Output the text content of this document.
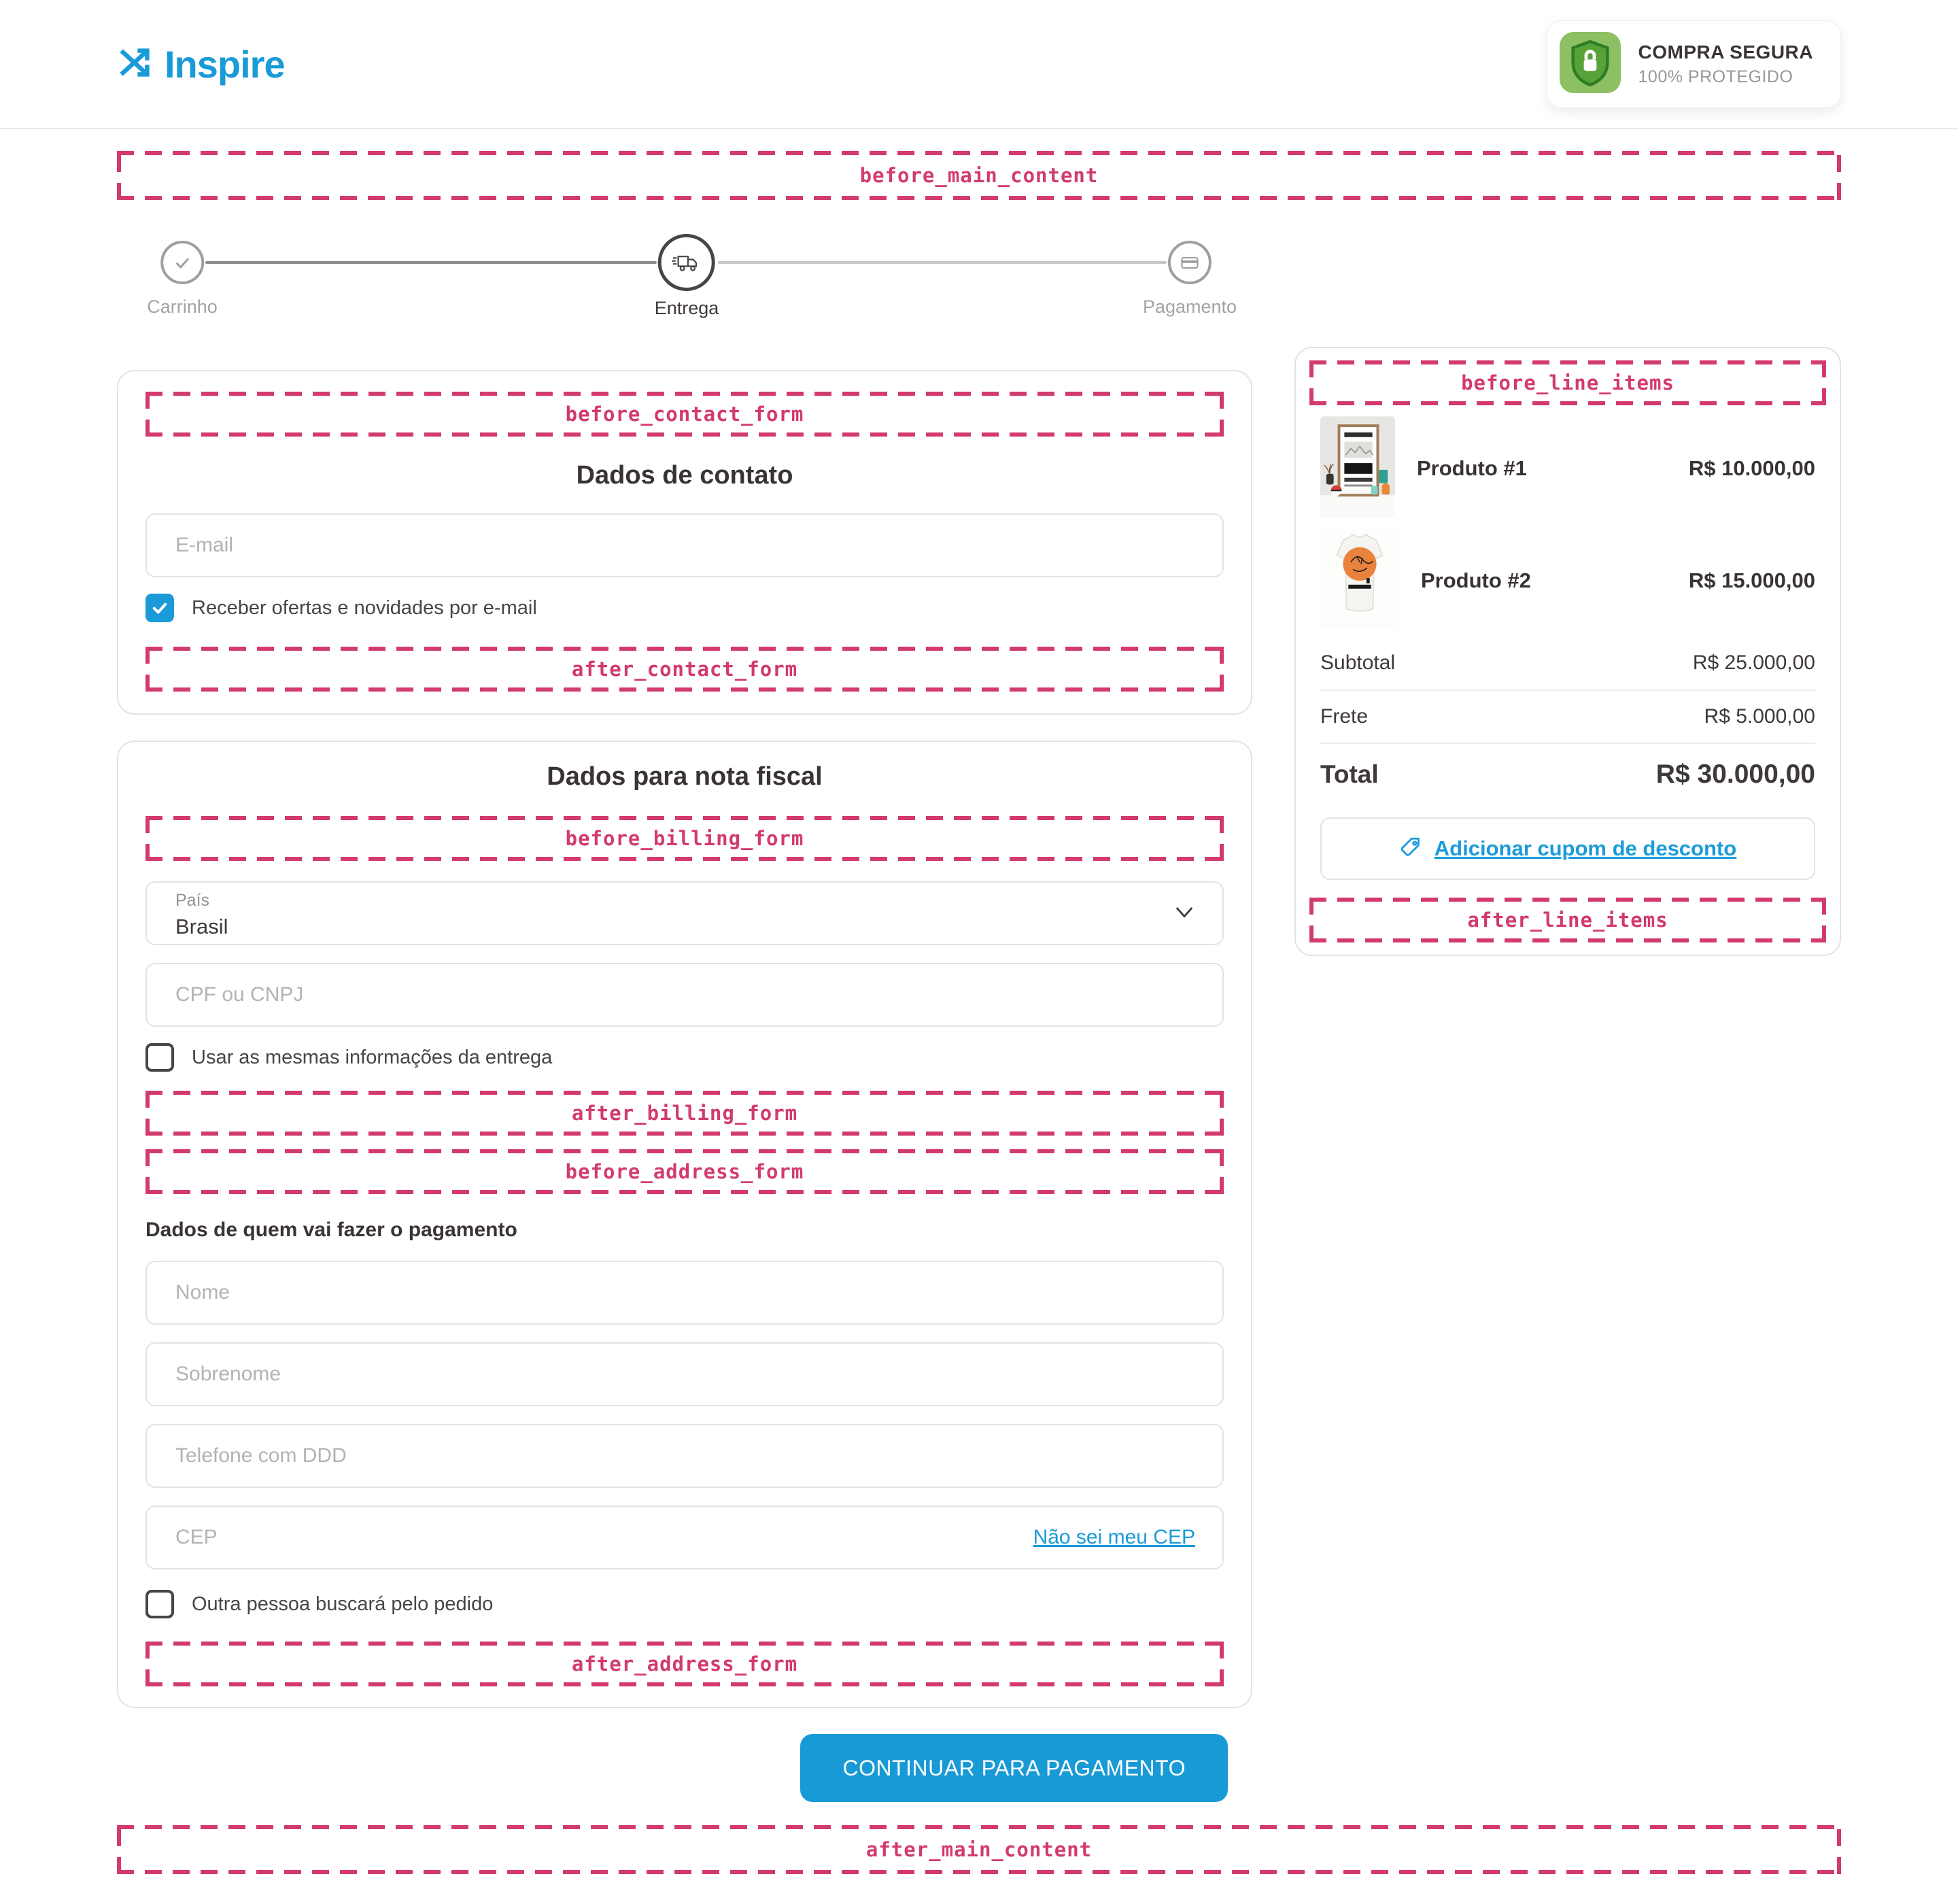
Inspire	COMPRA SEGURA
100% PROTEGIDO
before_main_content
Carrinho	Entrega	Pagamento
before_contact_form
Dados de contato
E-mail
Receber ofertas e novidades por e-mail
after_contact_form
Dados para nota fiscal
before_billing_form
País
Brasil
CPF ou CNPJ
Usar as mesmas informações da entrega
after_billing_form
before_address_form
Dados de quem vai fazer o pagamento
Nome Sobrenome Telefone com DDD
CEP
Não sei meu CEP
Outra pessoa buscará pelo pedido
after_address_form
CONTINUAR PARA PAGAMENTO
before_line_items
Produto #1	R$ 10.000,00
Produto #2	R$ 15.000,00
Subtotal	R$ 25.000,00
Frete	R$ 5.000,00
Total	R$ 30.000,00
Adicionar cupom de desconto
after_line_items
after_main_content
